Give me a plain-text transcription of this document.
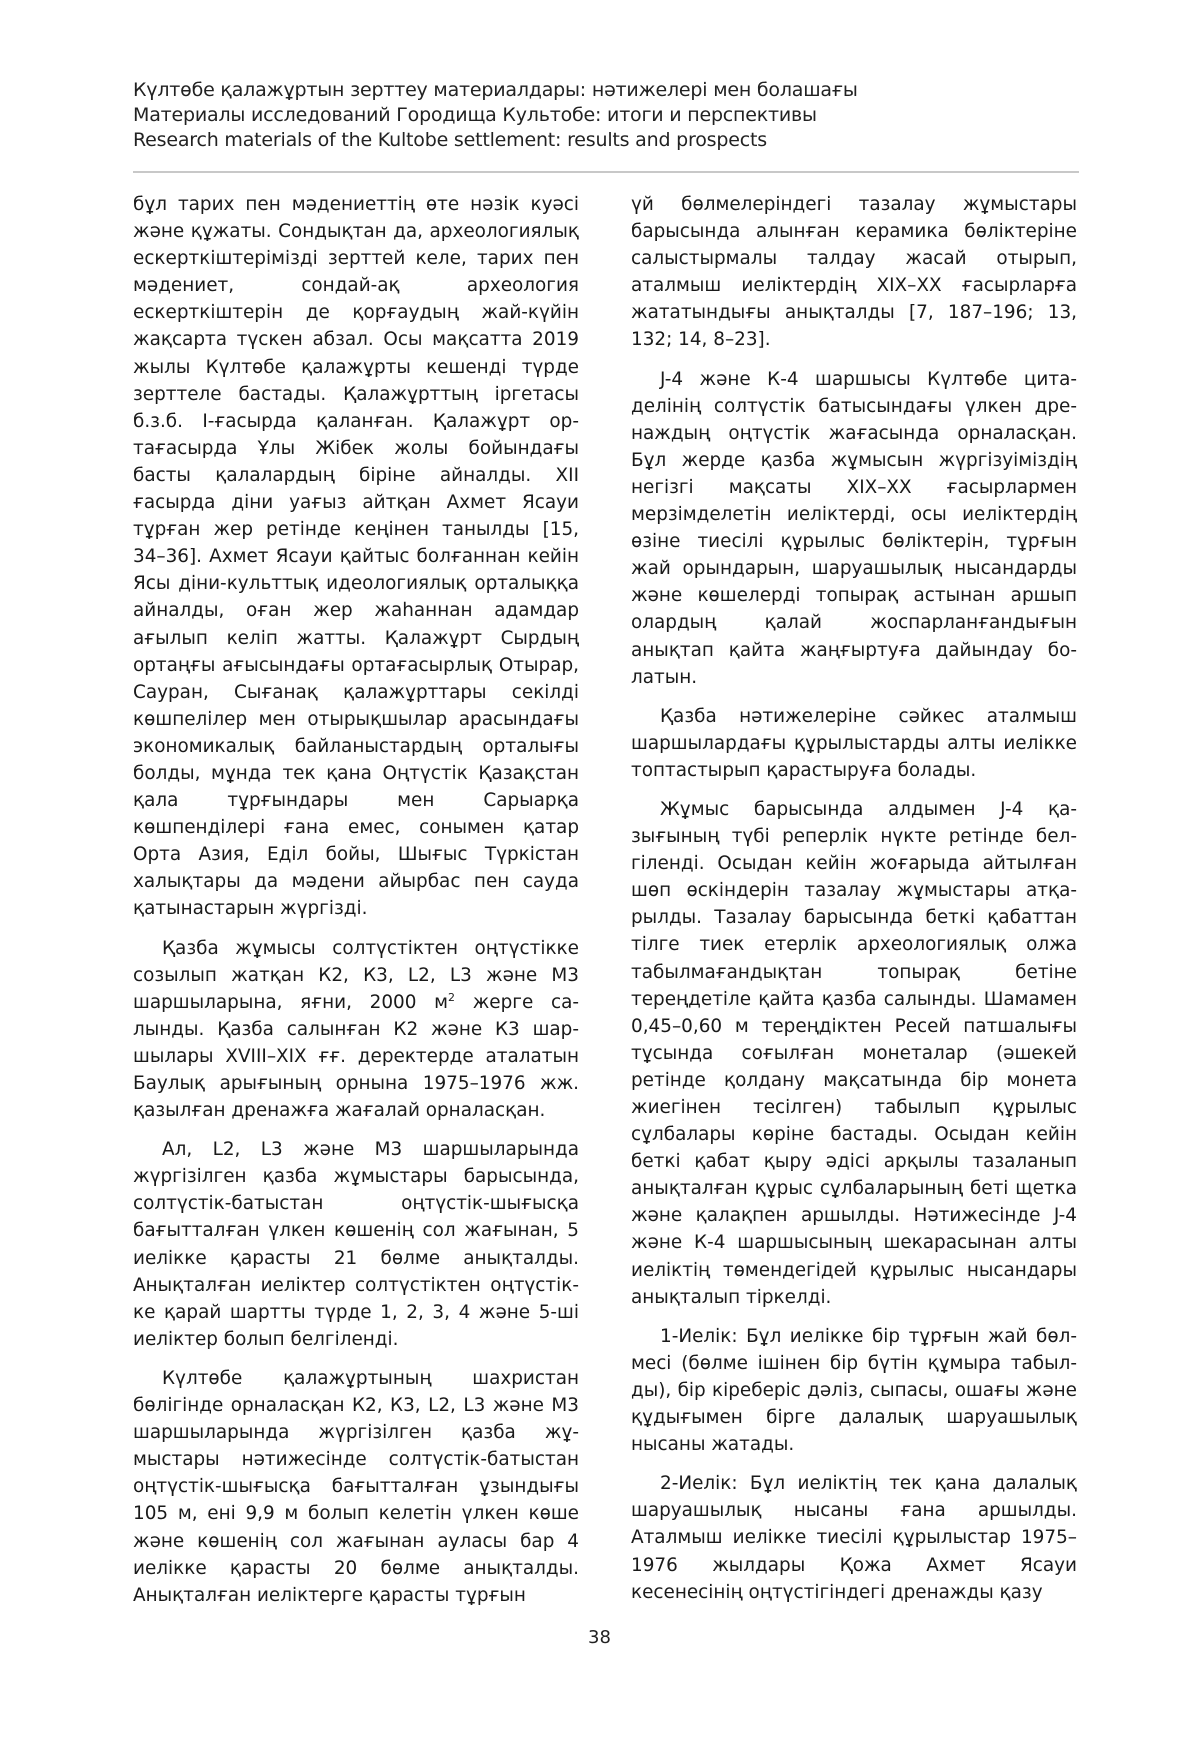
Күлтөбе қалажұртын зерттеу материалдары: нәтижелері мен болашағы
Материалы исследований Городища Культобе: итоги и перспективы
Research materials of the Kultobe settlement: results and prospects

бұл тарих пен мәдениеттің өте нәзік куәсі және құжаты. Сондықтан да, археологиялық ескерткіштерімізді зерттей келе, тарих пен мәдениет, сондай-ақ археология ескерткіштерін де қорғаудың жай-күйін жақсарта түскен абзал. Осы мақсатта 2019 жылы Күлтөбе қалажұрты кешенді түрде зерттеле бастады. Қалажұрттың іргетасы б.з.б. І-ғасырда қаланған. Қалажұрт ортағасырда Ұлы Жібек жолы бойындағы басты қалалардың біріне айналды. XII ғасырда діни уағыз айтқан Ахмет Ясауи тұрған жер ретінде кеңінен танылды [15, 34–36]. Ахмет Ясауи қайтыс болғаннан кейін Ясы діни-культтық идеологиялық орталыққа айналды, оған жер жаһаннан адамдар ағылып келіп жатты. Қалажұрт Сырдың ортаңғы ағысындағы ортағасырлық Отырар, Сауран, Сығанақ қалажұрттары секілді көшпелілер мен отырықшылар арасындағы экономикалық байланыстардың орталығы болды, мұнда тек қана Оңтүстік Қазақстан қала тұрғындары мен Сарыарқа көшпенділері ғана емес, сонымен қатар Орта Азия, Еділ бойы, Шығыс Түркістан халықтары да мәдени айырбас пен сауда қатынастарын жүргізді.

Қазба жұмысы солтүстіктен оңтүстікке созылып жатқан К2, К3, L2, L3 және М3 шаршыларына, яғни, 2000 $м^2$ жерге салынды. Қазба салынған К2 және К3 шаршылары XVIII–XIX ғғ. деректерде аталатын Баулық арығының орнына 1975–1976 жж. қазылған дренажға жағалай орналасқан.

Ал, L2, L3 және М3 шаршыларында жүргізілген қазба жұмыстары барысында, солтүстік-батыстан оңтүстік-шығысқа бағытталған үлкен көшенің сол жағынан, 5 иелікке қарасты 21 бөлме анықталды. Анықталған иеліктер солтүстіктен оңтүстікке қарай шартты түрде 1, 2, 3, 4 және 5-ші иеліктер болып белгіленді.

Күлтөбе қалажұртының шахристан бөлігінде орналасқан К2, К3, L2, L3 және М3 шаршыларында жүргізілген қазба жұмыстары нәтижесінде солтүстік-батыстан оңтүстік-шығысқа бағытталған ұзындығы 105 м, ені 9,9 м болып келетін үлкен көше және көшенің сол жағынан ауласы бар 4 иелікке қарасты 20 бөлме анықталды. Анықталған иеліктерге қарасты тұрғын

үй бөлмелеріндегі тазалау жұмыстары барысында алынған керамика бөліктеріне салыстырмалы талдау жасай отырып, аталмыш иеліктердің XIX–XX ғасырларға жататындығы анықталды [7, 187–196; 13, 132; 14, 8–23].

J-4 және К-4 шаршысы Күлтөбе цитаделінің солтүстік батысындағы үлкен дренаждың оңтүстік жағасында орналасқан. Бұл жерде қазба жұмысын жүргізуіміздің негізгі мақсаты XIX–XX ғасырлармен мерзімделетін иеліктерді, осы иеліктердің өзіне тиесілі құрылыс бөліктерін, тұрғын жай орындарын, шаруашылық нысандарды және көшелерді топырақ астынан аршып олардың қалай жоспарланғандығын анықтап қайта жаңғыртуға дайындау болатын.

Қазба нәтижелеріне сәйкес аталмыш шаршылардағы құрылыстарды алты иелікке топтастырып қарастыруға болады.

Жұмыс барысында алдымен J-4 қазығының түбі реперлік нүкте ретінде белгіленді. Осыдан кейін жоғарыда айтылған шөп өскіндерін тазалау жұмыстары атқарылды. Тазалау барысында беткі қабаттан тілге тиек етерлік археологиялық олжа табылмағандықтан топырақ бетіне тереңдетіле қайта қазба салынды. Шамамен 0,45–0,60 м тереңдіктен Ресей патшалығы тұсында соғылған монеталар (әшекей ретінде қолдану мақсатында бір монета жиегінен тесілген) табылып құрылыс сұлбалары көріне бастады. Осыдан кейін беткі қабат қыру әдісі арқылы тазаланып анықталған құрыс сұлбаларының беті щетка және қалақпен аршылды. Нәтижесінде J-4 және К-4 шаршысының шекарасынан алты иеліктің төмендегідей құрылыс нысандары анықталып тіркелді.

1-Иелік: Бұл иелікке бір тұрғын жай бөлмесі (бөлме ішінен бір бүтін құмыра табылды), бір кіреберіс дәліз, сыпасы, ошағы және құдығымен бірге далалық шаруашылық нысаны жатады.

2-Иелік: Бұл иеліктің тек қана далалық шаруашылық нысаны ғана аршылды. Аталмыш иелікке тиесілі құрылыстар 1975–1976 жылдары Қожа Ахмет Ясауи кесенесінің оңтүстігіндегі дренажды қазу

38
